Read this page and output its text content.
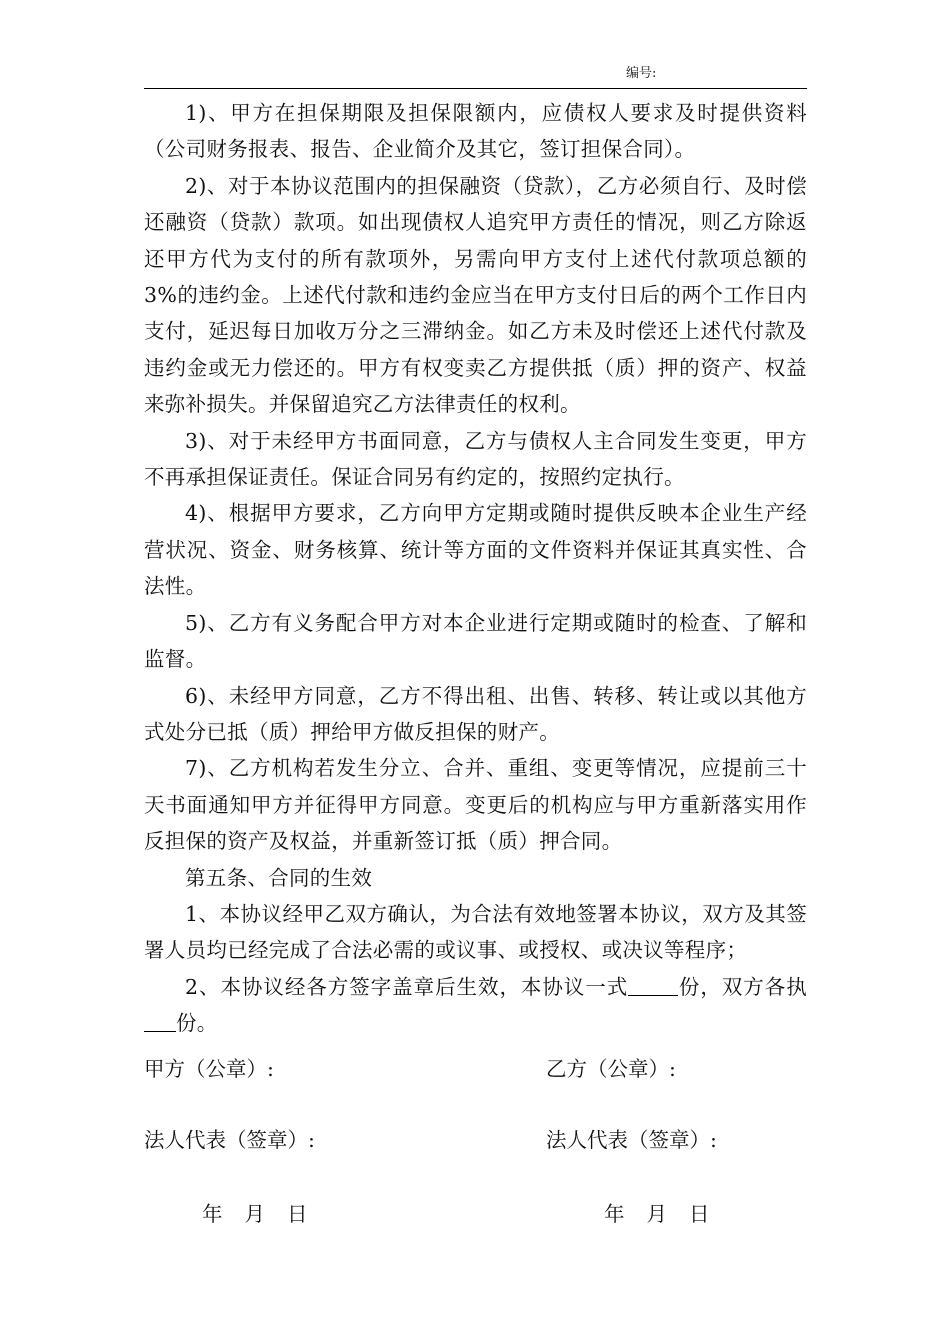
编号:

1)、甲方在担保期限及担保限额内，应债权人要求及时提供资料（公司财务报表、报告、企业简介及其它，签订担保合同）。

2)、对于本协议范围内的担保融资（贷款），乙方必须自行、及时偿还融资（贷款）款项。如出现债权人追究甲方责任的情况，则乙方除返还甲方代为支付的所有款项外，另需向甲方支付上述代付款项总额的 3%的违约金。上述代付款和违约金应当在甲方支付日后的两个工作日内支付，延迟每日加收万分之三滞纳金。如乙方未及时偿还上述代付款及违约金或无力偿还的。甲方有权变卖乙方提供抵（质）押的资产、权益来弥补损失。并保留追究乙方法律责任的权利。

3)、对于未经甲方书面同意，乙方与债权人主合同发生变更，甲方不再承担保证责任。保证合同另有约定的，按照约定执行。

4)、根据甲方要求，乙方向甲方定期或随时提供反映本企业生产经营状况、资金、财务核算、统计等方面的文件资料并保证其真实性、合法性。

5)、乙方有义务配合甲方对本企业进行定期或随时的检查、了解和监督。

6)、未经甲方同意，乙方不得出租、出售、转移、转让或以其他方式处分已抵（质）押给甲方做反担保的财产。

7)、乙方机构若发生分立、合并、重组、变更等情况，应提前三十天书面通知甲方并征得甲方同意。变更后的机构应与甲方重新落实用作反担保的资产及权益，并重新签订抵（质）押合同。

第五条、合同的生效

1、本协议经甲乙双方确认，为合法有效地签署本协议，双方及其签署人员均已经完成了合法必需的或议事、或授权、或决议等程序；

2、本协议经各方签字盖章后生效，本协议一式 份，双方各执份。

甲方（公章）:	乙方（公章）:
法人代表（签章）:	法人代表（签章）:
年 月 日	年 月 日
